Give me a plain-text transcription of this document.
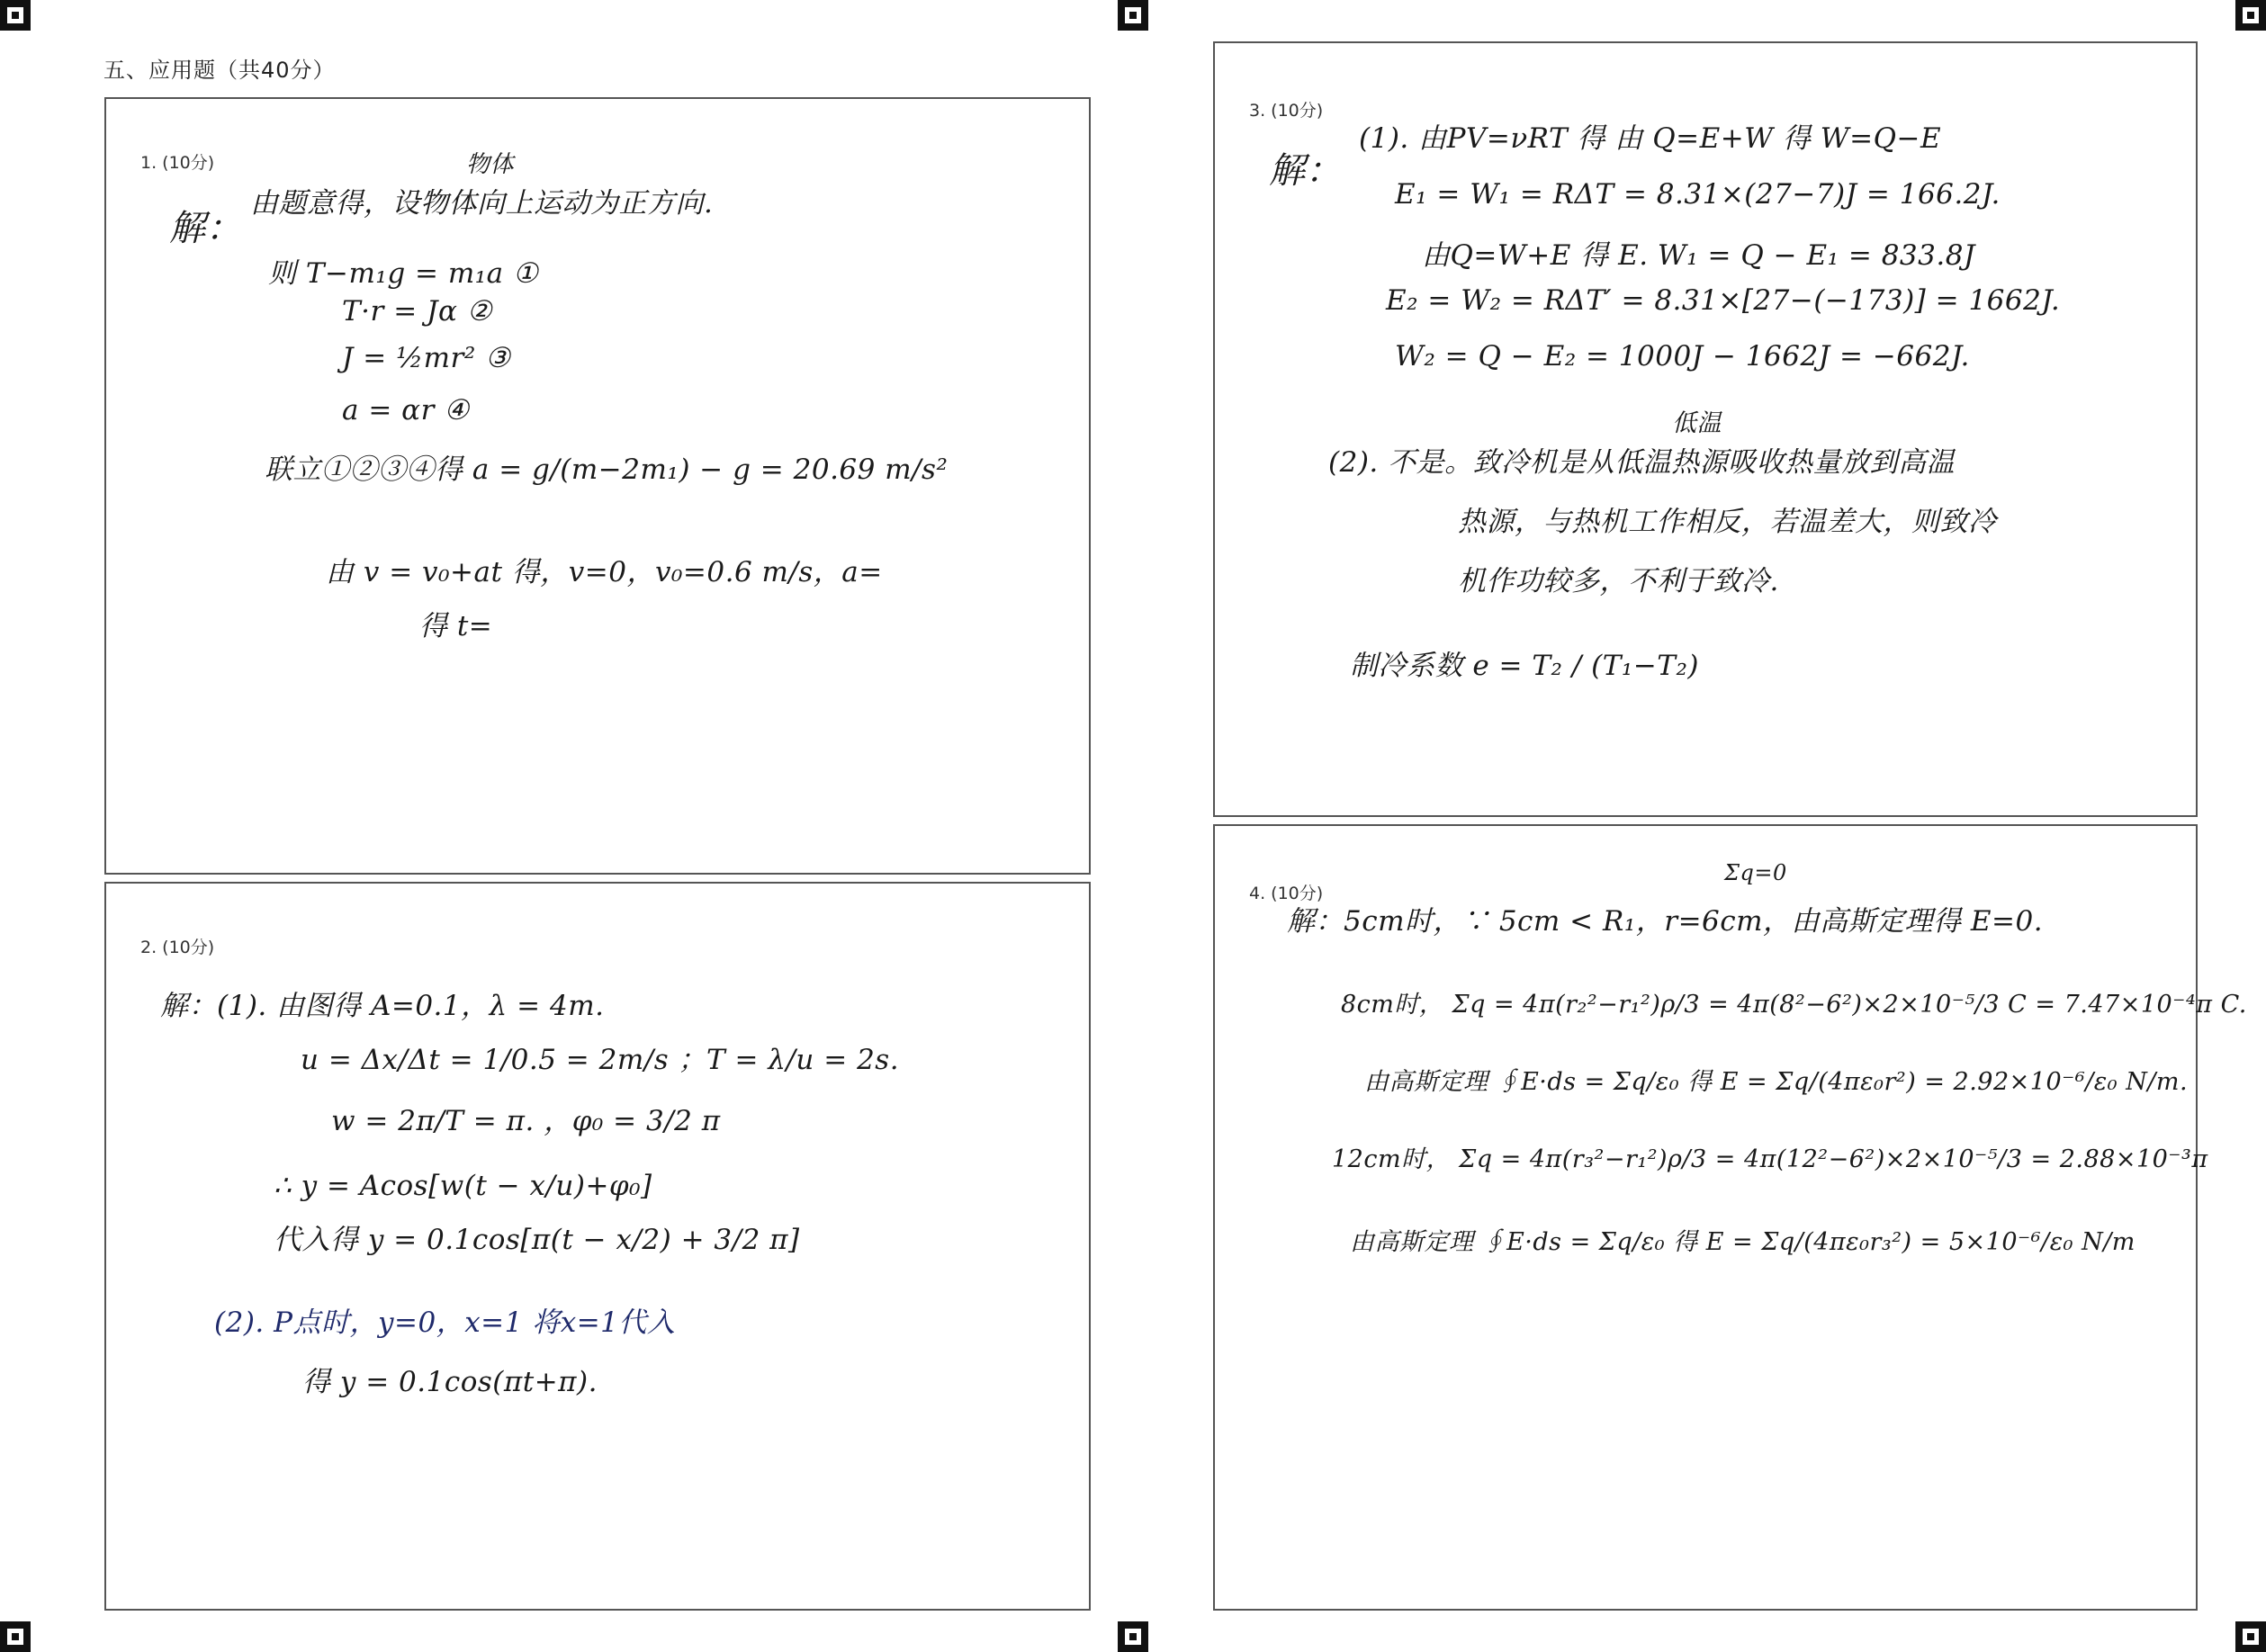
五、应用题（共40分）
1. (10分)	物体
解：
由题意得，设物体向上运动为正方向.
则 T−m₁g = m₁a ①
T·r = Jα ②
J = ½mr² ③
a = αr ④
联立①②③④得 a = g/(m−2m₁) − g = 20.69 m/s²
由 v = v₀+at 得，v=0，v₀=0.6 m/s，a=
得 t=
2. (10分)
解：(1). 由图得 A=0.1，λ = 4m.
u = Δx/Δt = 1/0.5 = 2m/s ；T = λ/u = 2s.
w = 2π/T = π. ，φ₀ = 3/2 π
∴ y = Acos[w(t − x/u)+φ₀]
代入得 y = 0.1cos[π(t − x/2) + 3/2 π]
(2). P点时，y=0，x=1 将x=1代入
得 y = 0.1cos(πt+π).
3. (10分)
解：
(1). 由PV=νRT 得 由 Q=E+W 得 W=Q−E
E₁ = W₁ = RΔT = 8.31×(27−7)J = 166.2J.
由Q=W+E 得 E. W₁ = Q − E₁ = 833.8J
E₂ = W₂ = RΔT′ = 8.31×[27−(−173)] = 1662J.
W₂ = Q − E₂ = 1000J − 1662J = −662J.
低温
(2). 不是。致冷机是从低温热源吸收热量放到高温
热源，与热机工作相反，若温差大，则致冷
机作功较多，不利于致冷.
制冷系数 e = T₂ / (T₁−T₂)
4. (10分)
Σq=0
解：5cm时，∵ 5cm < R₁，r=6cm，由高斯定理得 E=0.
8cm时， Σq = 4π(r₂²−r₁²)ρ/3 = 4π(8²−6²)×2×10⁻⁵/3 C = 7.47×10⁻⁴π C.
由高斯定理 ∮E·ds = Σq/ε₀ 得 E = Σq/(4πε₀r²) = 2.92×10⁻⁶/ε₀ N/m.
12cm时， Σq = 4π(r₃²−r₁²)ρ/3 = 4π(12²−6²)×2×10⁻⁵/3 = 2.88×10⁻³π
由高斯定理 ∮E·ds = Σq/ε₀ 得 E = Σq/(4πε₀r₃²) = 5×10⁻⁶/ε₀ N/m
